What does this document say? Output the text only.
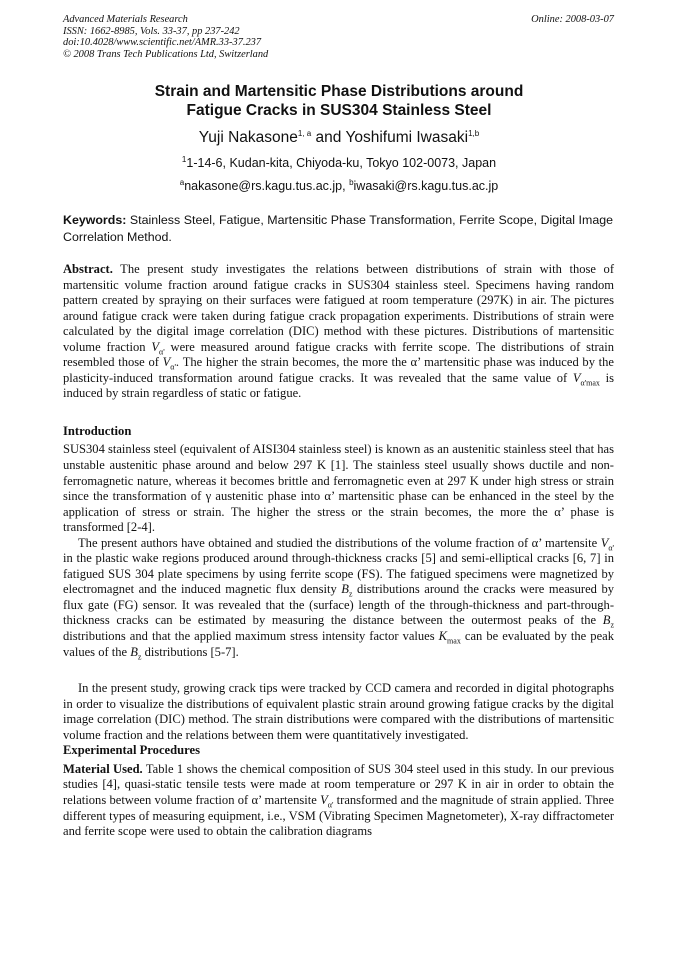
Advanced Materials Research
ISSN: 1662-8985, Vols. 33-37, pp 237-242
doi:10.4028/www.scientific.net/AMR.33-37.237
© 2008 Trans Tech Publications Ltd, Switzerland
Online: 2008-03-07
Strain and Martensitic Phase Distributions around
Fatigue Cracks in SUS304 Stainless Steel
Yuji Nakasone$^{1, a}$ and Yoshifumi Iwasaki$^{1,b}$
$^1$1-14-6, Kudan-kita, Chiyoda-ku, Tokyo 102-0073, Japan
$^a$nakasone@rs.kagu.tus.ac.jp, $^b$iwasaki@rs.kagu.tus.ac.jp
Keywords: Stainless Steel, Fatigue, Martensitic Phase Transformation, Ferrite Scope, Digital Image Correlation Method.

Abstract. The present study investigates the relations between distributions of strain with those of martensitic volume fraction around fatigue cracks in SUS304 stainless steel. Specimens having random pattern created by spraying on their surfaces were fatigued at room temperature (297K) in air. The pictures around fatigue crack were taken during fatigue crack propagation experiments. Distributions of strain were calculated by the digital image correlation (DIC) method with these pictures. Distributions of martensitic volume fraction $V_{\alpha'}$ were measured around fatigue cracks with ferrite scope. The distributions of strain resembled those of $V_{\alpha'}$. The higher the strain becomes, the more the α’ martensitic phase was induced by the plasticity-induced transformation around fatigue cracks. It was revealed that the same value of $V_{\alpha'max}$ is induced by strain regardless of static or fatigue.

Introduction

SUS304 stainless steel (equivalent of AISI304 stainless steel) is known as an austenitic stainless steel that has unstable austenitic phase around and below 297 K [1]. The stainless steel usually shows ductile and non-ferromagnetic nature, whereas it becomes brittle and ferromagnetic even at 297 K under high stress or strain since the transformation of γ austenitic phase into α’ martensitic phase can be enhanced in the steel by the application of stress or strain. The higher the stress or the strain becomes, the more the α’ phase is transformed [2-4].

The present authors have obtained and studied the distributions of the volume fraction of α’ martensite $V_{\alpha'}$ in the plastic wake regions produced around through-thickness cracks [5] and semi-elliptical cracks [6, 7] in fatigued SUS 304 plate specimens by using ferrite scope (FS). The fatigued specimens were magnetized by electromagnet and the induced magnetic flux density $B_z$ distributions around the cracks were measured by flux gate (FG) sensor. It was revealed that the (surface) length of the through-thickness and part-through-thickness cracks can be estimated by measuring the distance between the outermost peaks of the $B_z$ distributions and that the applied maximum stress intensity factor values $K_{max}$ can be evaluated by the peak values of the $B_z$ distributions [5-7].

In the present study, growing crack tips were tracked by CCD camera and recorded in digital photographs in order to visualize the distributions of equivalent plastic strain around growing fatigue cracks by the digital image correlation (DIC) method. The strain distributions were compared with the distributions of martensitic volume fraction and the relations between them were quantitatively investigated.

Experimental Procedures

Material Used. Table 1 shows the chemical composition of SUS 304 steel used in this study. In our previous studies [4], quasi-static tensile tests were made at room temperature or 297 K in air in order to obtain the relations between volume fraction of α’ martensite $V_{\alpha'}$ transformed and the magnitude of strain applied. Three different types of measuring equipment, i.e., VSM (Vibrating Specimen Magnetometer), X-ray diffractometer and ferrite scope were used to obtain the calibration diagrams
